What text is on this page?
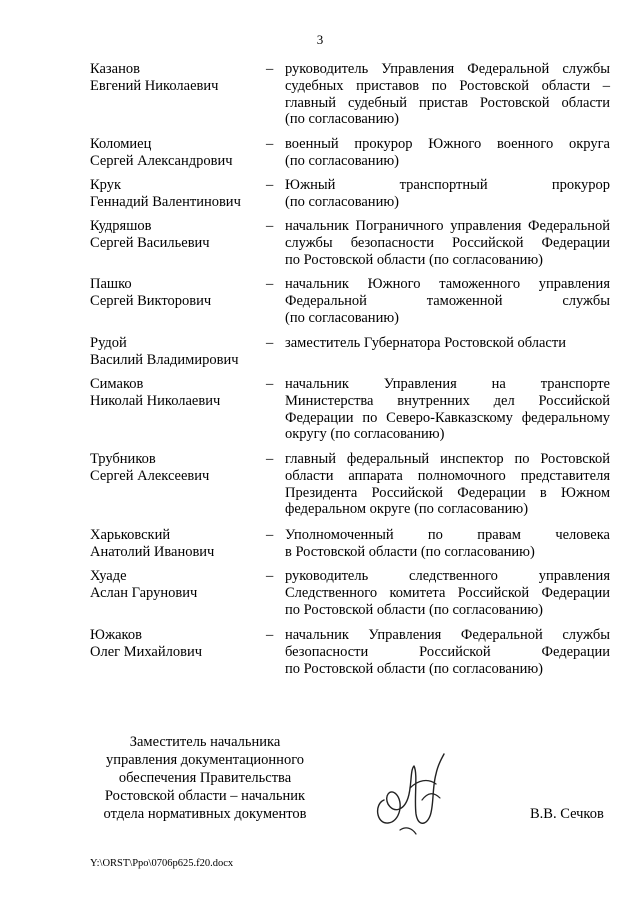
3
Казанов
Евгений Николаевич
– руководитель Управления Федеральной службы
судебных приставов по Ростовской области –
главный судебный пристав Ростовской области
(по согласованию)
Коломиец
Сергей Александрович
– военный прокурор Южного военного округа
(по согласованию)
Крук
Геннадий Валентинович
– Южный транспортный прокурор
(по согласованию)
Кудряшов
Сергей Васильевич
– начальник Пограничного управления Федеральной
службы безопасности Российской Федерации
по Ростовской области (по согласованию)
Пашко
Сергей Викторович
– начальник Южного таможенного управления
Федеральной таможенной службы
(по согласованию)
Рудой
Василий Владимирович
– заместитель Губернатора Ростовской области
Симаков
Николай Николаевич
– начальник Управления на транспорте
Министерства внутренних дел Российской
Федерации по Северо-Кавказскому федеральному
округу (по согласованию)
Трубников
Сергей Алексеевич
– главный федеральный инспектор по Ростовской
области аппарата полномочного представителя
Президента Российской Федерации в Южном
федеральном округе (по согласованию)
Харьковский
Анатолий Иванович
– Уполномоченный по правам человека
в Ростовской области (по согласованию)
Хуаде
Аслан Гарунович
– руководитель следственного управления
Следственного комитета Российской Федерации
по Ростовской области (по согласованию)
Южаков
Олег Михайлович
– начальник Управления Федеральной службы
безопасности Российской Федерации
по Ростовской области (по согласованию)
Заместитель начальника
управления документационного
обеспечения Правительства
Ростовской области – начальник
отдела нормативных документов	В.В. Сечков
Y:\ORST\Ppo\0706p625.f20.docx
